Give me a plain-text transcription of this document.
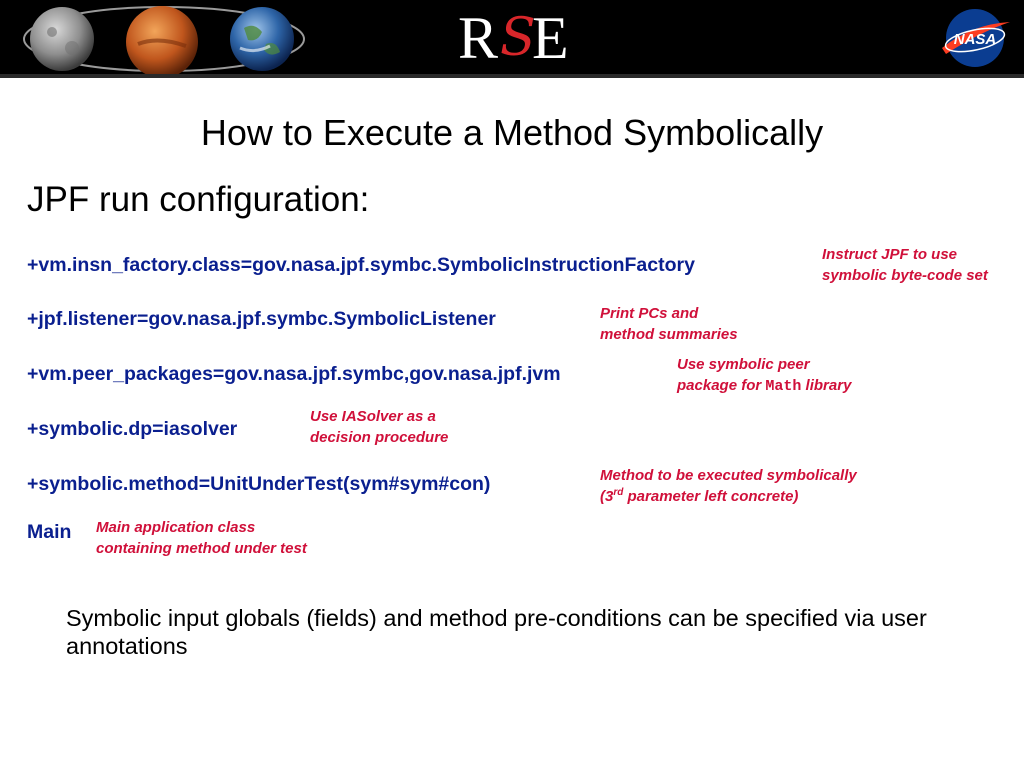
R S
E	NASA
How to Execute a Method Symbolically
JPF run configuration:
+vm.insn_factory.class=gov.nasa.jpf.symbc.SymbolicInstructionFactory
+jpf.listener=gov.nasa.jpf.symbc.SymbolicListener
+vm.peer_packages=gov.nasa.jpf.symbc,gov.nasa.jpf.jvm
+symbolic.dp=iasolver
+symbolic.method=UnitUnderTest(sym#sym#con)
Main
Instruct JPF to use
symbolic byte-code set
Print PCs and
method summaries
Use symbolic peer
package for Math library
Use IASolver as a
decision procedure
Method to be executed symbolically
(3rd parameter left concrete)
Main application class
containing method under test
Symbolic input globals (fields) and method pre-conditions can be specified via user annotations
